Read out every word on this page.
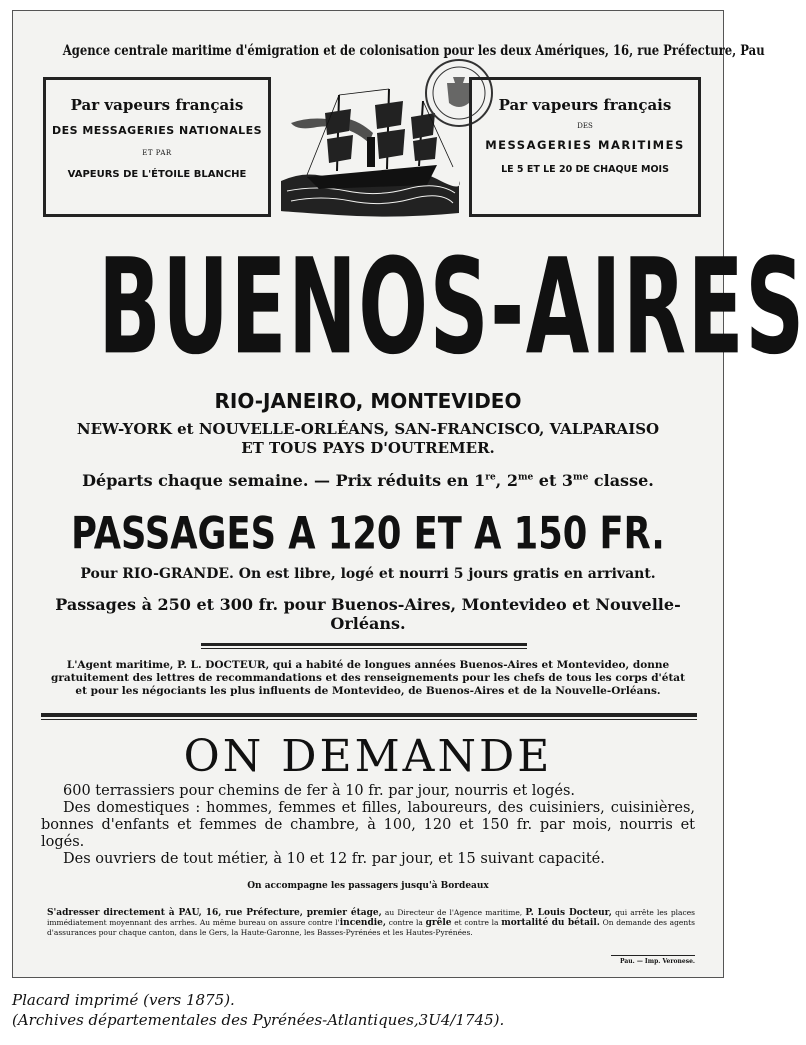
Agence centrale maritime d'émigration et de colonisation pour les deux Amériques, 16, rue Préfecture, Pau
Par vapeurs français
DES MESSAGERIES NATIONALES
ET PAR
VAPEURS DE L'ÉTOILE BLANCHE
Par vapeurs français
DES
MESSAGERIES MARITIMES
LE 5 ET LE 20 DE CHAQUE MOIS
BUENOS-AIRES
RIO-JANEIRO, MONTEVIDEO
NEW-YORK et NOUVELLE-ORLÉANS, SAN-FRANCISCO, VALPARAISO
ET TOUS PAYS D'OUTREMER.
Départs chaque semaine. — Prix réduits en 1re, $2^{me}$ et $3^{me}$ classe.
PASSAGES A 120 ET A 150 FR.
Pour RIO-GRANDE. On est libre, logé et nourri 5 jours gratis en arrivant.
Passages à 250 et 300 fr. pour Buenos-Aires, Montevideo et Nouvelle-Orléans.
L'Agent maritime, P. L. DOCTEUR, qui a habité de longues années Buenos-Aires et Montevideo, donne gratuitement des lettres de recommandations et des renseignements pour les chefs de tous les corps d'état et pour les négociants les plus influents de Montevideo, de Buenos-Aires et de la Nouvelle-Orléans.
ON DEMANDE

600 terrassiers pour chemins de fer à 10 fr. par jour, nourris et logés.

Des domestiques : hommes, femmes et filles, laboureurs, des cuisiniers, cuisinières, bonnes d'enfants et femmes de chambre, à 100, 120 et 150 fr. par mois, nourris et logés.

Des ouvriers de tout métier, à 10 et 12 fr. par jour, et 15 suivant capacité.

On accompagne les passagers jusqu'à Bordeaux
S'adresser directement à PAU, 16, rue Préfecture, premier étage, au Directeur de l'Agence maritime, P. Louis Docteur, qui arrête les places immédiatement moyennant des arrhes. Au même bureau on assure contre l'incendie, contre la grêle et contre la mortalité du bétail. On demande des agents d'assurances pour chaque canton, dans le Gers, la Haute-Garonne, les Basses-Pyrénées et les Hautes-Pyrénées.
Pau. — Imp. Veronese.
Placard imprimé (vers 1875).
(Archives départementales des Pyrénées-Atlantiques,3U4/1745).
